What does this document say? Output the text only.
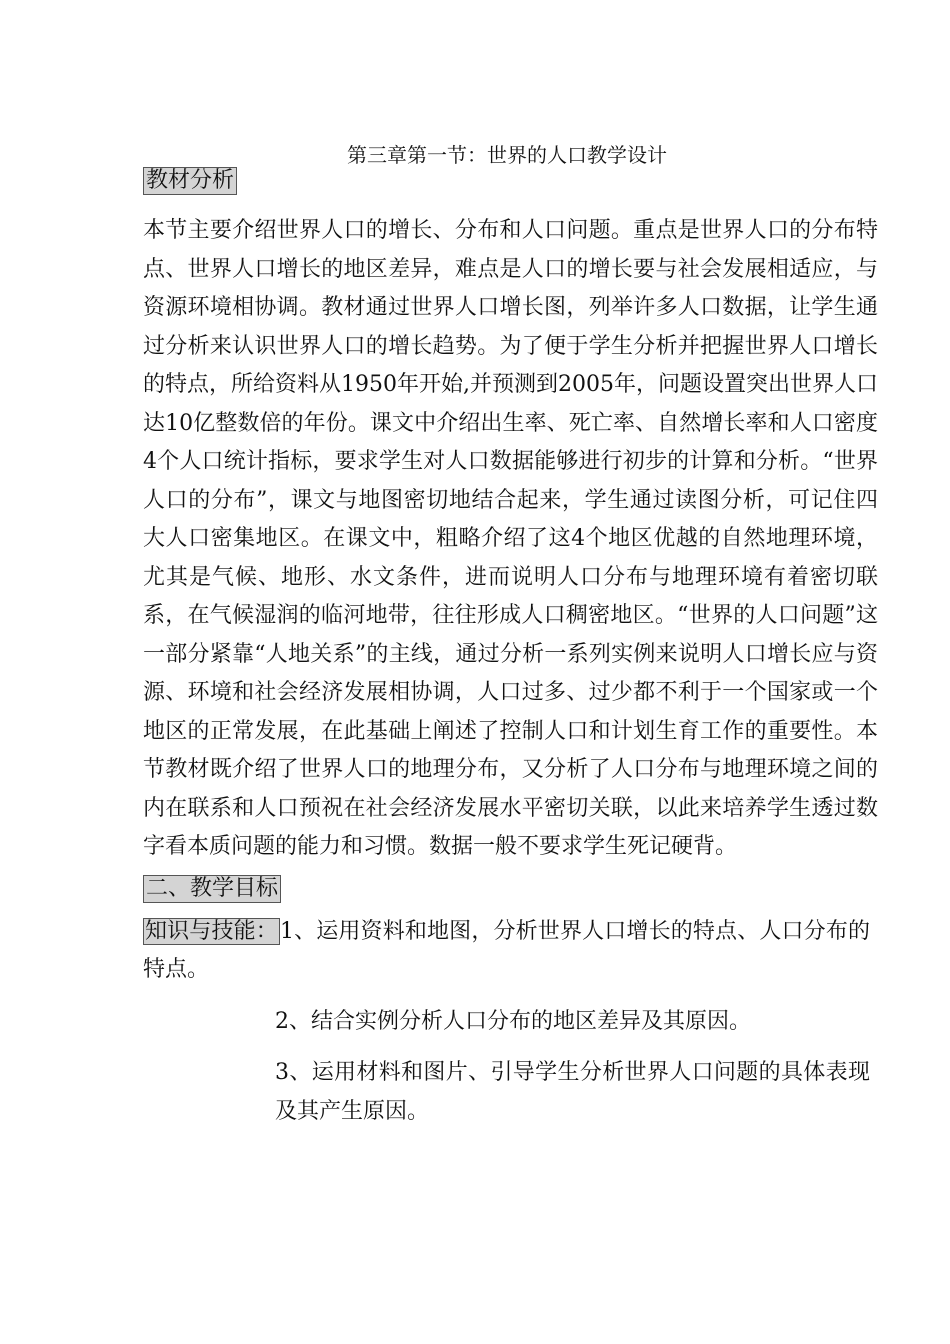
第三章第一节：世界的人口教学设计
教材分析

本节主要介绍世界人口的增长、分布和人口问题。重点是世界人口的分布特点、世界人口增长的地区差异，难点是人口的增长要与社会发展相适应，与资源环境相协调。教材通过世界人口增长图，列举许多人口数据，让学生通过分析来认识世界人口的增长趋势。为了便于学生分析并把握世界人口增长的特点，所给资料从1950年开始,并预测到2005年，问题设置突出世界人口达10亿整数倍的年份。课文中介绍出生率、死亡率、自然增长率和人口密度4个人口统计指标，要求学生对人口数据能够进行初步的计算和分析。“世界人口的分布”，课文与地图密切地结合起来，学生通过读图分析，可记住四大人口密集地区。在课文中，粗略介绍了这4个地区优越的自然地理环境，尤其是气候、地形、水文条件，进而说明人口分布与地理环境有着密切联系，在气候湿润的临河地带，往往形成人口稠密地区。“世界的人口问题”这一部分紧靠“人地关系”的主线，通过分析一系列实例来说明人口增长应与资源、环境和社会经济发展相协调，人口过多、过少都不利于一个国家或一个地区的正常发展，在此基础上阐述了控制人口和计划生育工作的重要性。本节教材既介绍了世界人口的地理分布，又分析了人口分布与地理环境之间的内在联系和人口预祝在社会经济发展水平密切关联，以此来培养学生透过数字看本质问题的能力和习惯。数据一般不要求学生死记硬背。

二、教学目标

知识与技能：1、运用资料和地图，分析世界人口增长的特点、人口分布的特点。

2、结合实例分析人口分布的地区差异及其原因。

3、运用材料和图片、引导学生分析世界人口问题的具体表现及其产生原因。
